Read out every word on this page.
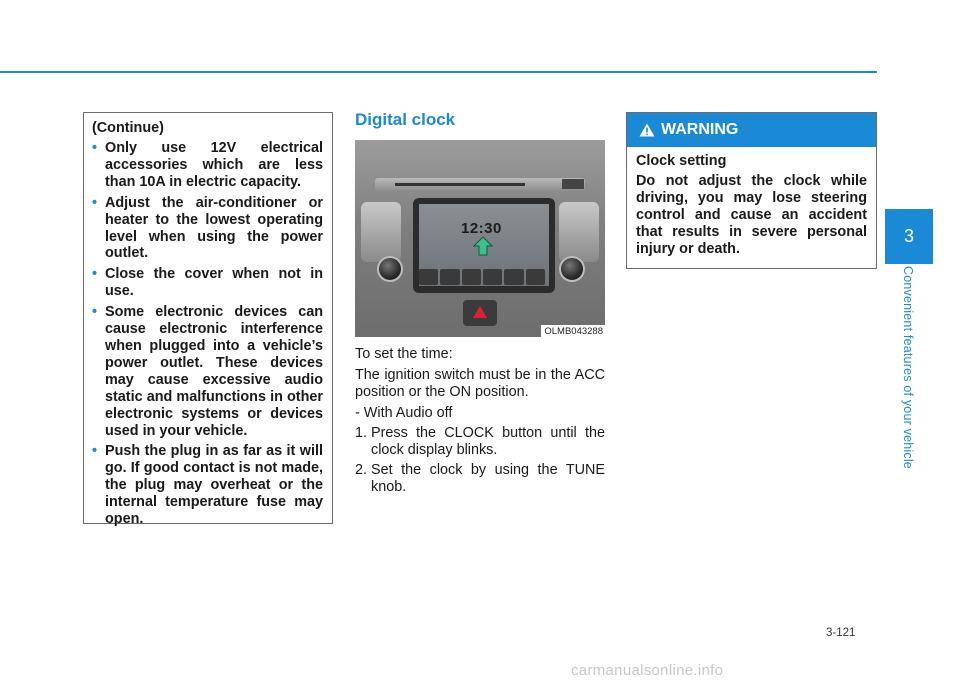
(Continue)
• Only use 12V electrical accessories which are less than 10A in electric capacity.
• Adjust the air-conditioner or heater to the lowest operating level when using the power outlet.
• Close the cover when not in use.
• Some electronic devices can cause electronic interference when plugged into a vehicle’s power outlet. These devices may cause excessive audio static and malfunctions in other electronic systems or devices used in your vehicle.
• Push the plug in as far as it will go. If good contact is not made, the plug may overheat or the internal temperature fuse may open.
Digital clock
12:30
OLMB043288

To set the time:

The ignition switch must be in the ACC position or the ON position.

- With Audio off

1. Press the CLOCK button until the clock display blinks.
2. Set the clock by using the TUNE knob.
WARNING
Clock setting
Do not adjust the clock while driving, you may lose steering control and cause an accident that results in severe personal injury or death.
3
Convenient features of your vehicle
3-121
carmanualsonline.info
